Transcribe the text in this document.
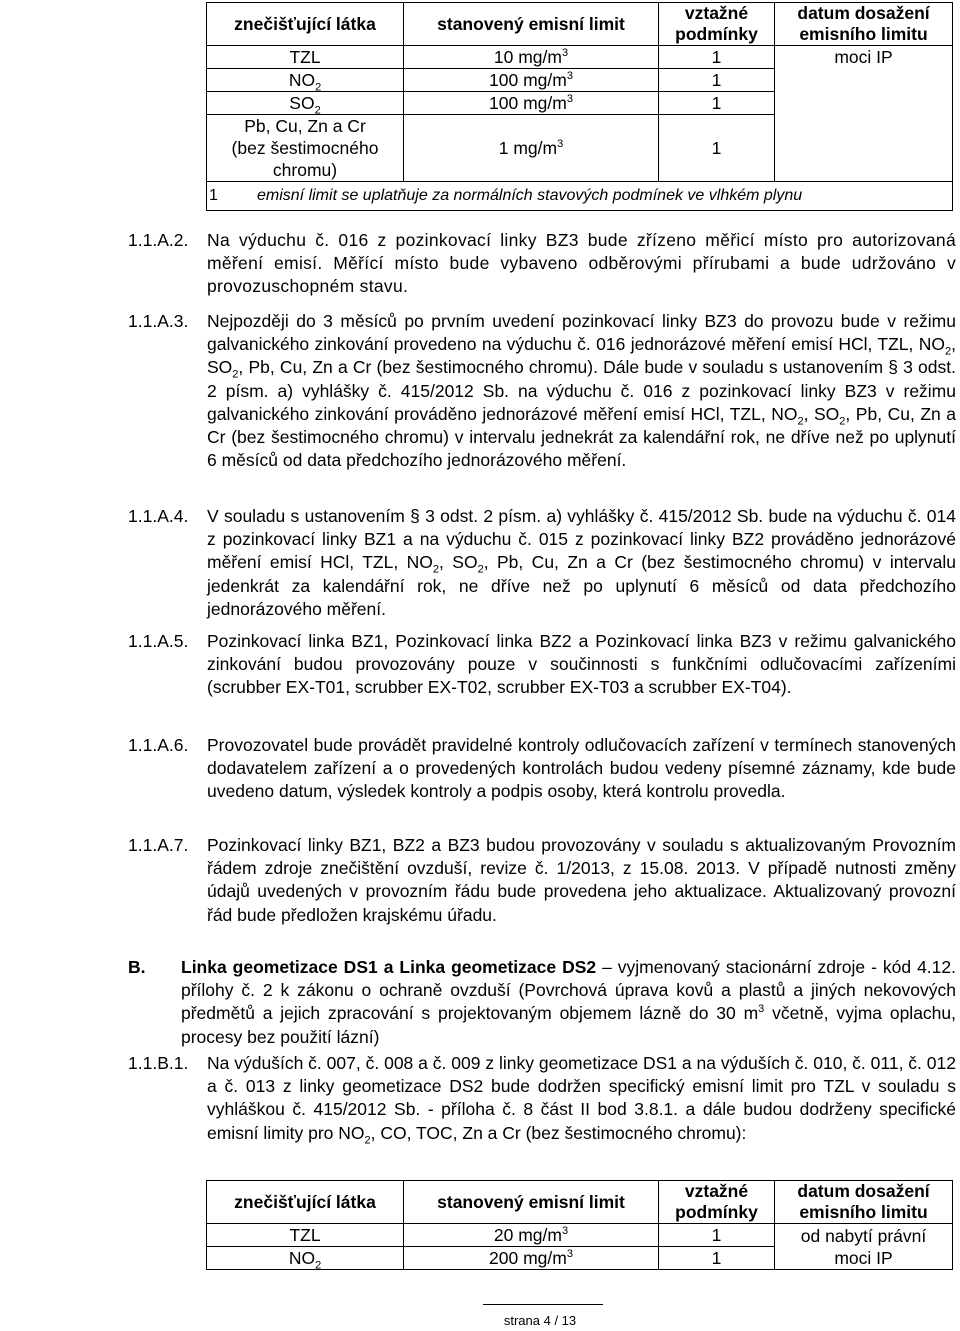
znečišťující látka	stanovený emisní limit	vztažné
podmínky	datum dosažení
emisního limitu
TZL	10 $mg/m^3$	1	moci IP
$NO_2$	100 $mg/m^3$	1	
$SO_2$	100 $mg/m^3$	1	
Pb, Cu, Zn a Cr
(bez šestimocného
chromu)	1 $mg/m^3$	1	
1 emisní limit se uplatňuje za normálních stavových podmínek ve vlhkém plynu			
1.1.A.2.	Na výduchu č. 016 z pozinkovací linky BZ3 bude zřízeno měřicí místo pro autorizovaná měření emisí. Měřící místo bude vybaveno odběrovými přírubami a bude udržováno v provozuschopném stavu.
1.1.A.3.	Nejpozději do 3 měsíců po prvním uvedení pozinkovací linky BZ3 do provozu bude v režimu galvanického zinkování provedeno na výduchu č. 016 jednorázové měření emisí HCl, TZL, $NO_2$, $SO_2$, Pb, Cu, Zn a Cr (bez šestimocného chromu). Dále bude v souladu s ustanovením § 3 odst. 2 písm. a) vyhlášky č. 415/2012 Sb. na výduchu č. 016 z pozinkovací linky BZ3 v režimu galvanického zinkování prováděno jednorázové měření emisí HCl, TZL, $NO_2$, $SO_2$, Pb, Cu, Zn a Cr (bez šestimocného chromu) v intervalu jednekrát za kalendářní rok, ne dříve než po uplynutí 6 měsíců od data předchozího jednorázového měření.
1.1.A.4.	V souladu s ustanovením § 3 odst. 2 písm. a) vyhlášky č. 415/2012 Sb. bude na výduchu č. 014 z pozinkovací linky BZ1 a na výduchu č. 015 z pozinkovací linky BZ2 prováděno jednorázové měření emisí HCl, TZL, $NO_2$, $SO_2$, Pb, Cu, Zn a Cr (bez šestimocného chromu) v intervalu jedenkrát za kalendářní rok, ne dříve než po uplynutí 6 měsíců od data předchozího jednorázového měření.
1.1.A.5.	Pozinkovací linka BZ1, Pozinkovací linka BZ2 a Pozinkovací linka BZ3 v režimu galvanického zinkování budou provozovány pouze v součinnosti s funkčními odlučovacími zařízeními (scrubber EX-T01, scrubber EX-T02, scrubber EX-T03 a scrubber EX-T04).
1.1.A.6.	Provozovatel bude provádět pravidelné kontroly odlučovacích zařízení v termínech stanovených dodavatelem zařízení a o provedených kontrolách budou vedeny písemné záznamy, kde bude uvedeno datum, výsledek kontroly a podpis osoby, která kontrolu provedla.
1.1.A.7.	Pozinkovací linky BZ1, BZ2 a BZ3 budou provozovány v souladu s aktualizovaným Provozním řádem zdroje znečištění ovzduší, revize č. 1/2013, z 15.08. 2013. V případě nutnosti změny údajů uvedených v provozním řádu bude provedena jeho aktualizace. Aktualizovaný provozní řád bude předložen krajskému úřadu.
B. Linka geometizace DS1 a Linka geometizace DS2 – vyjmenovaný stacionární zdroje - kód 4.12. přílohy č. 2 k zákonu o ochraně ovzduší (Povrchová úprava kovů a plastů a jiných nekovových předmětů a jejich zpracování s projektovaným objemem lázně do 30 $m^3$ včetně, vyjma oplachu, procesy bez použití lázní)
1.1.B.1.	Na výduších č. 007, č. 008 a č. 009 z linky geometizace DS1 a na výduších č. 010, č. 011, č. 012 a č. 013 z linky geometizace DS2 bude dodržen specifický emisní limit pro TZL v souladu s vyhláškou č. 415/2012 Sb. - příloha č. 8 část II bod 3.8.1. a dále budou dodrženy specifické emisní limity pro $NO_2$, CO, TOC, Zn a Cr (bez šestimocného chromu):
znečišťující látka	stanovený emisní limit	vztažné
podmínky	datum dosažení
emisního limitu
TZL	20 $mg/m^3$	1	od nabytí právní
moci IP
$NO_2$	200 $mg/m^3$	1	
strana 4 / 13
